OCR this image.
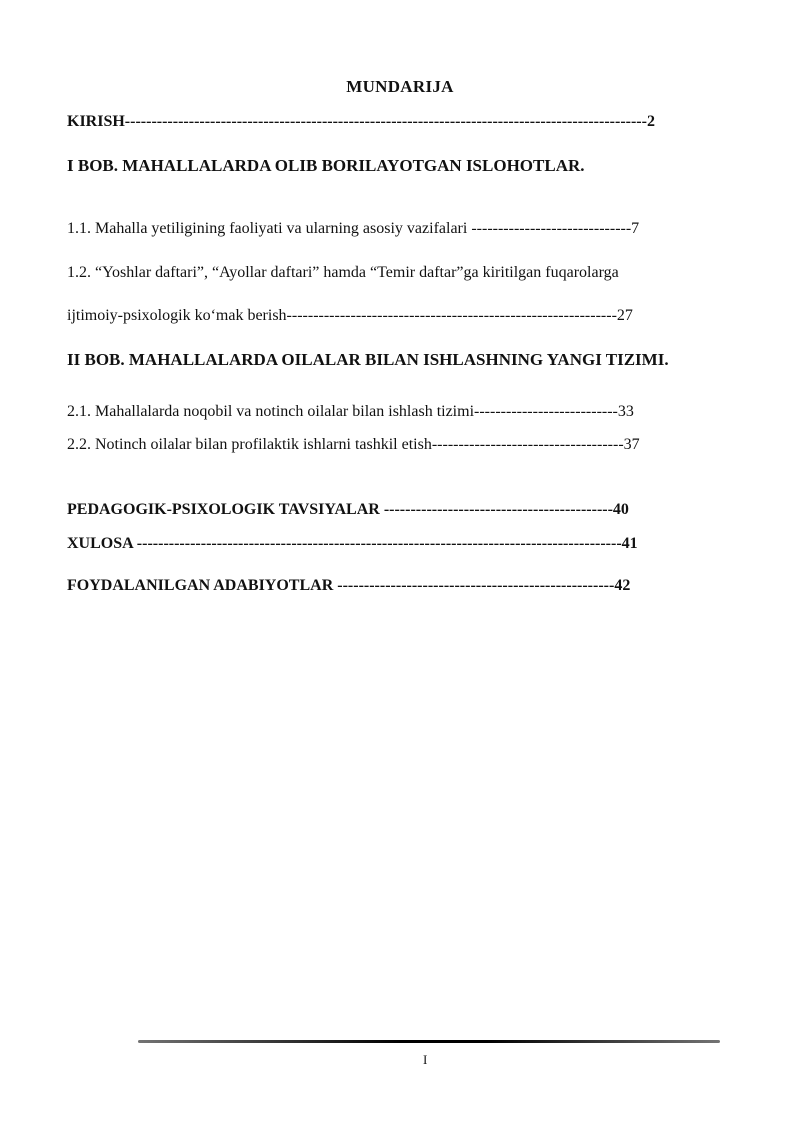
MUNDARIJA
KIRISH--------------------------------------------------------------------------------------------------2
I BOB. MAHALLALARDA OLIB BORILAYOTGAN ISLOHOTLAR.
1.1. Mahalla yetiligining faoliyati va ularning asosiy vazifalari ------------------------------7
1.2. “Yoshlar daftari”, “Ayollar daftari” hamda “Temir daftar”ga kiritilgan fuqarolarga
ijtimoiy-psixologik ko‘mak berish--------------------------------------------------------------27
II BOB. MAHALLALARDA OILALAR BILAN ISHLASHNING YANGI TIZIMI.
2.1. Mahallalarda noqobil va notinch oilalar bilan ishlash tizimi---------------------------33
2.2. Notinch oilalar bilan profilaktik ishlarni tashkil etish------------------------------------37
PEDAGOGIK-PSIXOLOGIK TAVSIYALAR -------------------------------------------40
XULOSA -------------------------------------------------------------------------------------------41
FOYDALANILGAN ADABIYOTLAR ----------------------------------------------------42
I
